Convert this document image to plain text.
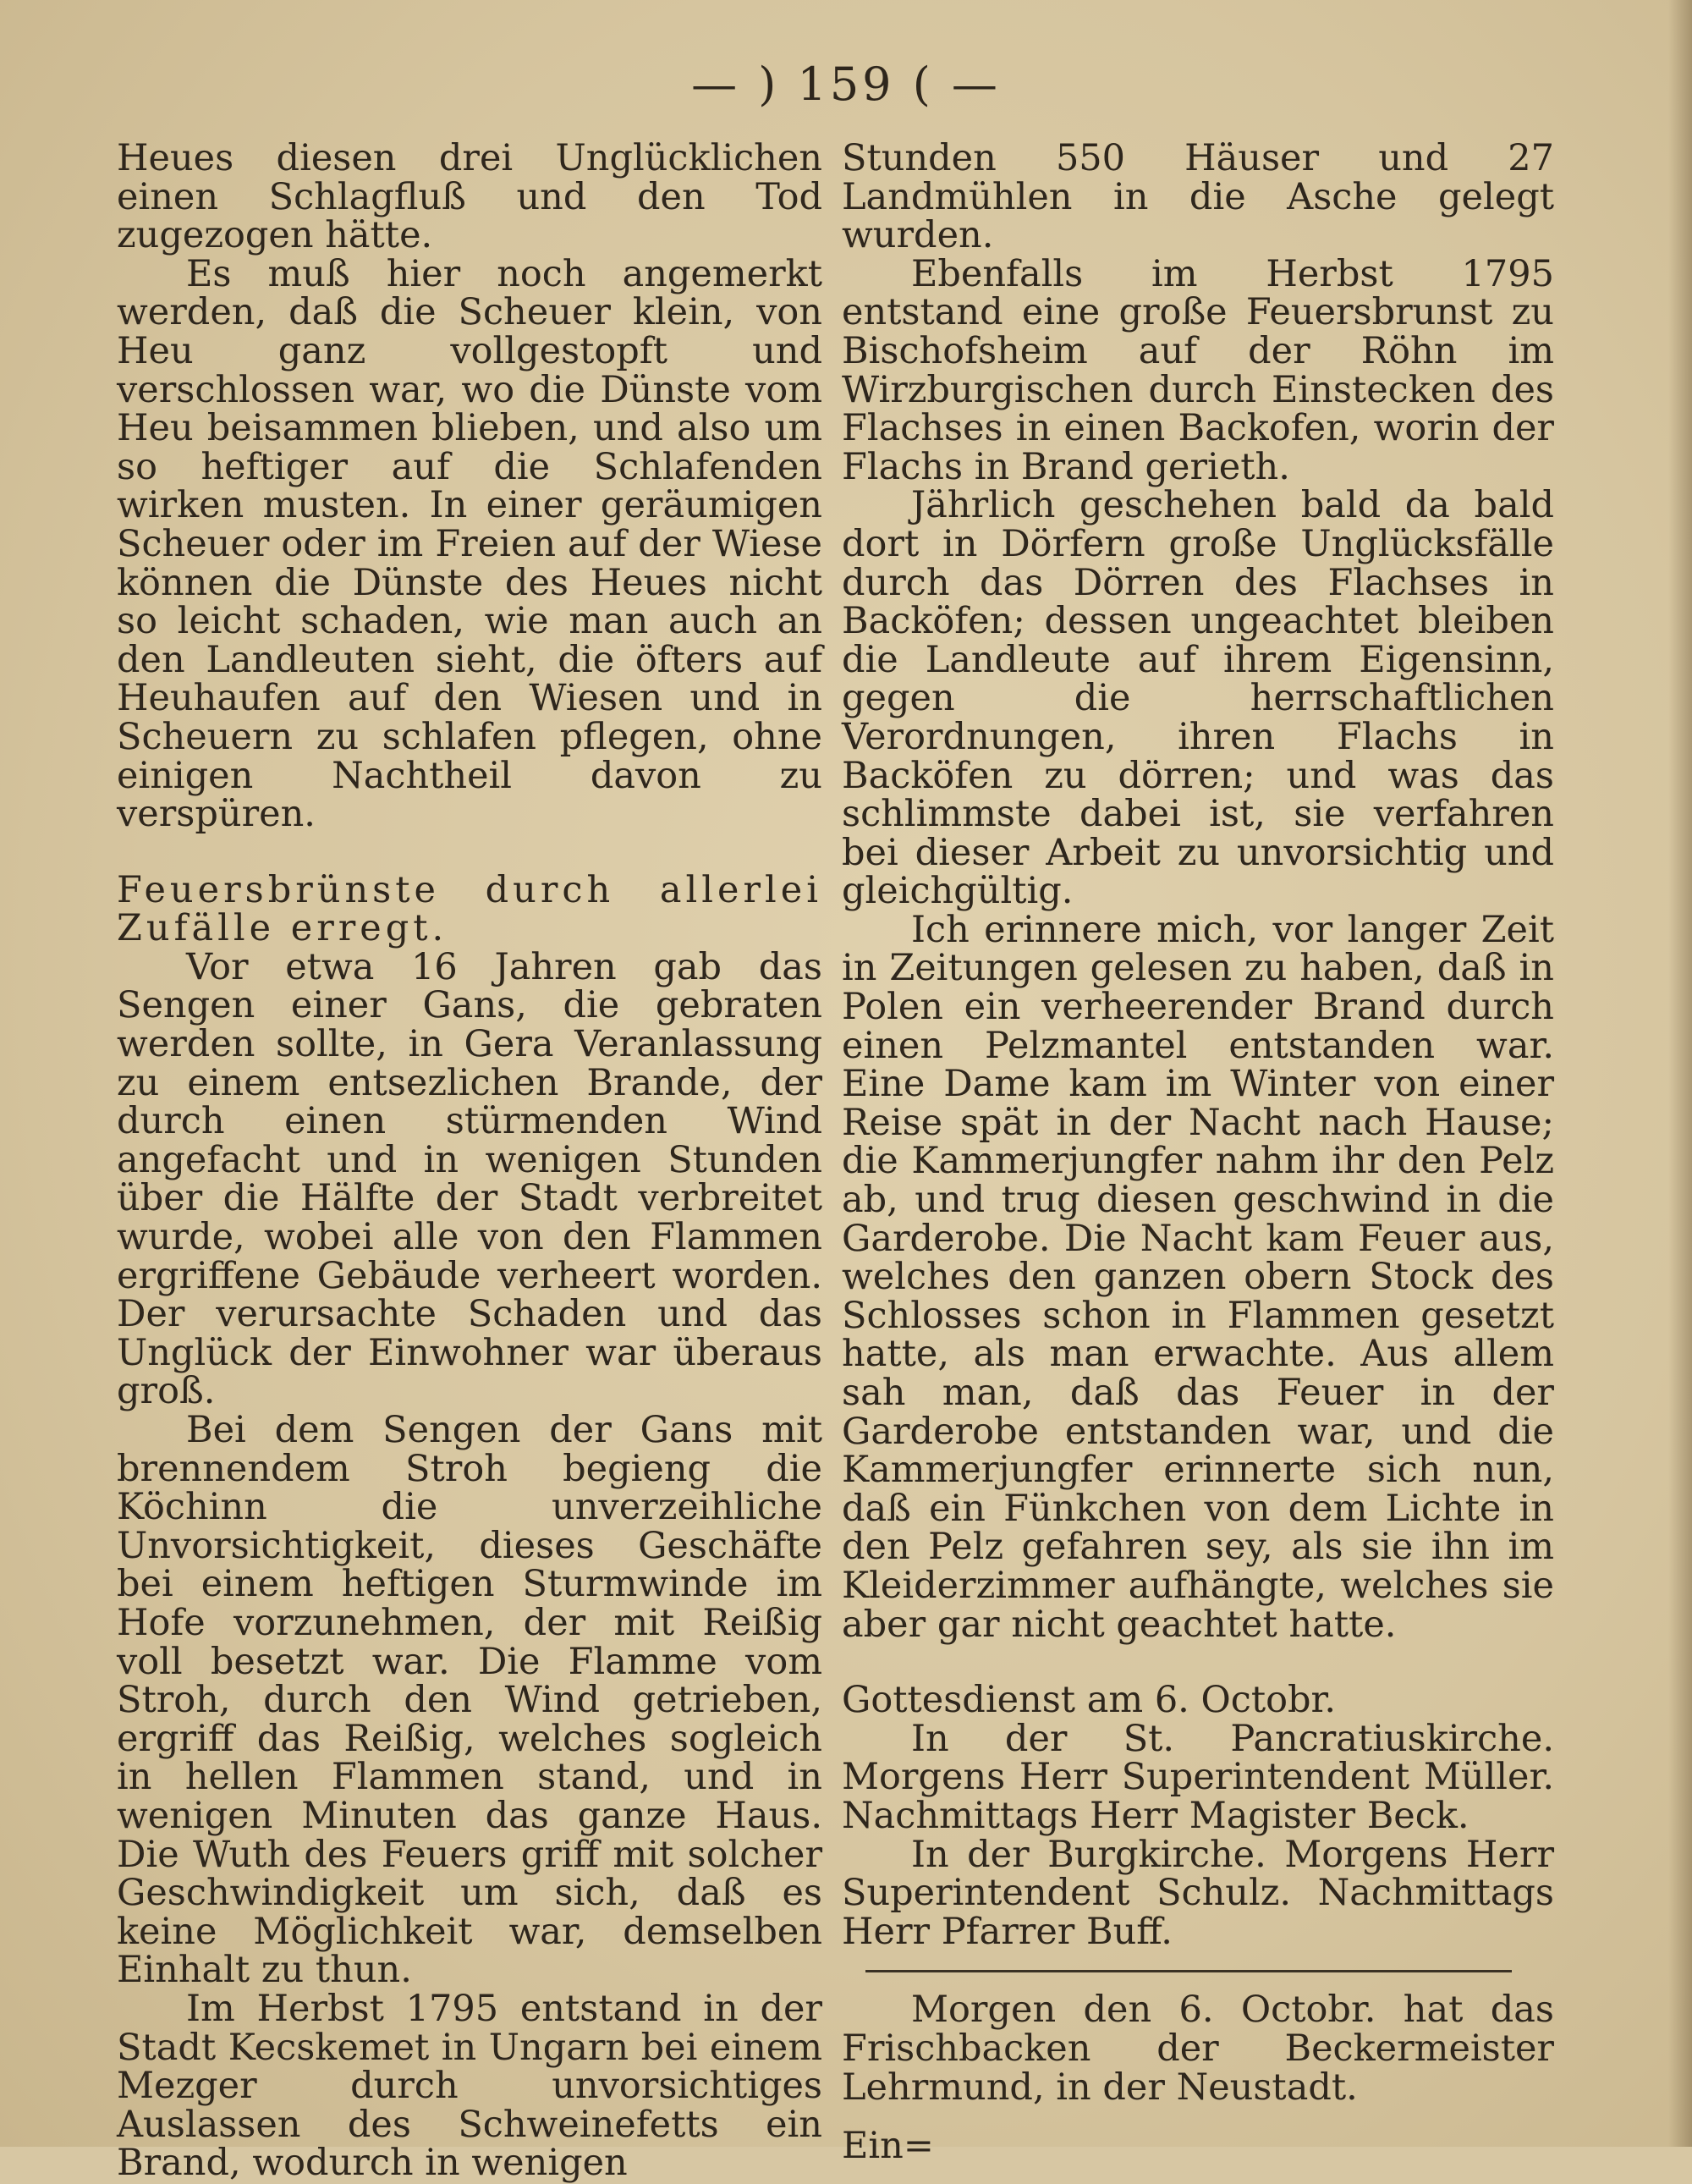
— ) 159 ( —

Heues diesen drei Unglücklichen einen Schlagfluß und den Tod zugezogen hätte.

Es muß hier noch angemerkt werden, daß die Scheuer klein, von Heu ganz vollgestopft und verschlossen war, wo die Dünste vom Heu beisammen blieben, und also um so heftiger auf die Schlafenden wirken musten. In einer geräumigen Scheuer oder im Freien auf der Wiese können die Dünste des Heues nicht so leicht schaden, wie man auch an den Landleuten sieht, die öfters auf Heuhaufen auf den Wiesen und in Scheuern zu schlafen pflegen, ohne einigen Nachtheil davon zu verspüren.

Feuersbrünste durch allerlei Zufälle erregt.

Vor etwa 16 Jahren gab das Sengen einer Gans, die gebraten werden sollte, in Gera Veranlassung zu einem entsezlichen Brande, der durch einen stürmenden Wind angefacht und in wenigen Stunden über die Hälfte der Stadt verbreitet wurde, wobei alle von den Flammen ergriffene Gebäude verheert worden. Der verursachte Schaden und das Unglück der Einwohner war überaus groß.

Bei dem Sengen der Gans mit brennendem Stroh begieng die Köchinn die unverzeihliche Unvorsichtigkeit, dieses Geschäfte bei einem heftigen Sturmwinde im Hofe vorzunehmen, der mit Reißig voll besetzt war. Die Flamme vom Stroh, durch den Wind getrieben, ergriff das Reißig, welches sogleich in hellen Flammen stand, und in wenigen Minuten das ganze Haus. Die Wuth des Feuers griff mit solcher Geschwindigkeit um sich, daß es keine Möglichkeit war, demselben Einhalt zu thun.

Im Herbst 1795 entstand in der Stadt Kecskemet in Ungarn bei einem Mezger durch unvorsichtiges Auslassen des Schweinefetts ein Brand, wodurch in wenigen

Stunden 550 Häuser und 27 Landmühlen in die Asche gelegt wurden.

Ebenfalls im Herbst 1795 entstand eine große Feuersbrunst zu Bischofsheim auf der Röhn im Wirzburgischen durch Einstecken des Flachses in einen Backofen, worin der Flachs in Brand gerieth.

Jährlich geschehen bald da bald dort in Dörfern große Unglücksfälle durch das Dörren des Flachses in Backöfen; dessen ungeachtet bleiben die Landleute auf ihrem Eigensinn, gegen die herrschaftlichen Verordnungen, ihren Flachs in Backöfen zu dörren; und was das schlimmste dabei ist, sie verfahren bei dieser Arbeit zu unvorsichtig und gleichgültig.

Ich erinnere mich, vor langer Zeit in Zeitungen gelesen zu haben, daß in Polen ein verheerender Brand durch einen Pelzmantel entstanden war. Eine Dame kam im Winter von einer Reise spät in der Nacht nach Hause; die Kammerjungfer nahm ihr den Pelz ab, und trug diesen geschwind in die Garderobe. Die Nacht kam Feuer aus, welches den ganzen obern Stock des Schlosses schon in Flammen gesetzt hatte, als man erwachte. Aus allem sah man, daß das Feuer in der Garderobe entstanden war, und die Kammerjungfer erinnerte sich nun, daß ein Fünkchen von dem Lichte in den Pelz gefahren sey, als sie ihn im Kleiderzimmer aufhängte, welches sie aber gar nicht geachtet hatte.

Gottesdienst am 6. Octobr.

In der St. Pancratiuskirche. Morgens Herr Superintendent Müller. Nachmittags Herr Magister Beck.

In der Burgkirche. Morgens Herr Superintendent Schulz. Nachmittags Herr Pfarrer Buff.

Morgen den 6. Octobr. hat das Frischbacken der Beckermeister Lehrmund, in der Neustadt.

Ein=
